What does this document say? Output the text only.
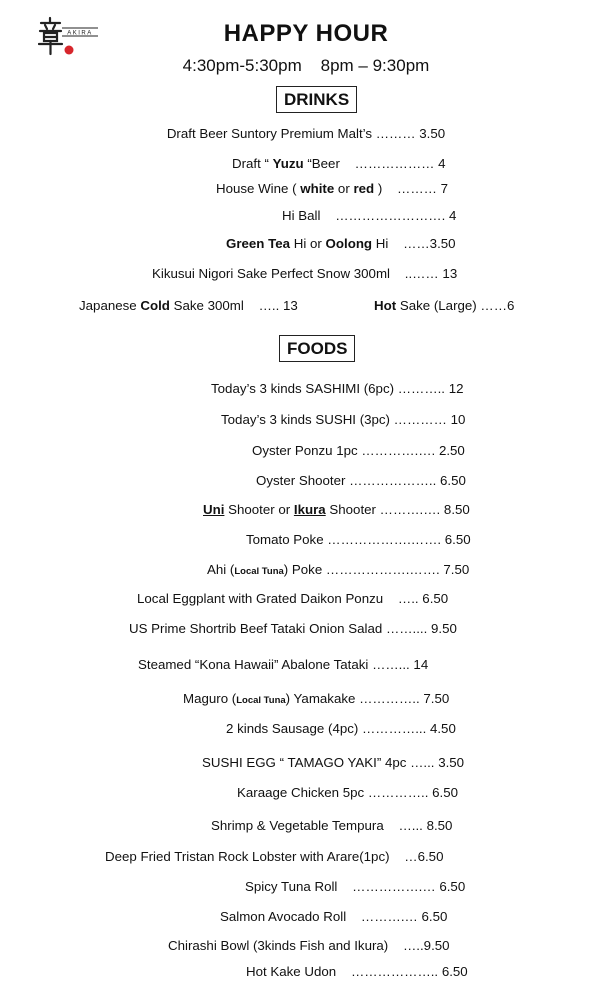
AKIRA	HAPPY HOUR
4:30pm-5:30pm    8pm – 9:30pm
DRINKS
Draft Beer Suntory Premium Malt’s ……… 3.50
Draft “ Yuzu “Beer    ……………… 4
House Wine ( white or red )    ……… 7
Hi Ball    ……………………. 4
Green Tea Hi or Oolong Hi    ……3.50
Kikusui Nigori Sake Perfect Snow 300ml    ..…… 13
Japanese Cold Sake 300ml    ….. 13	Hot Sake (Large) ……6
FOODS
Today’s 3 kinds SASHIMI (6pc) ……….. 12
Today’s 3 kinds SUSHI (3pc) ………… 10
Oyster Ponzu 1pc ………….…. 2.50
Oyster Shooter ……………….. 6.50
Uni Shooter or Ikura Shooter ……….…. 8.50
Tomato Poke ……………….……. 6.50
Ahi (Local Tuna) Poke ……………….……. 7.50
Local Eggplant with Grated Daikon Ponzu    ….. 6.50
US Prime Shortrib Beef Tataki Onion Salad …….... 9.50
Steamed “Kona Hawaii” Abalone Tataki ……... 14
Maguro (Local Tuna) Yamakake ………….. 7.50
2 kinds Sausage (4pc) …………... 4.50
SUSHI EGG “ TAMAGO YAKI” 4pc …... 3.50
Karaage Chicken 5pc ………….. 6.50
Shrimp & Vegetable Tempura    …... 8.50
Deep Fried Tristan Rock Lobster with Arare(1pc)    …6.50
Spicy Tuna Roll    …………….… 6.50
Salmon Avocado Roll    ……….… 6.50
Chirashi Bowl (3kinds Fish and Ikura)    …..9.50
Hot Kake Udon    ……………….. 6.50
